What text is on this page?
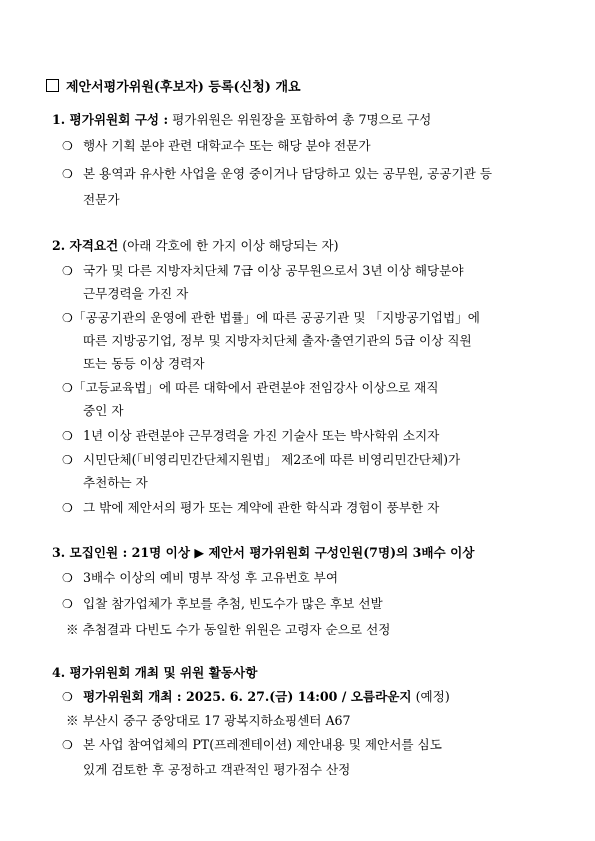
제안서평가위원(후보자) 등록(신청) 개요
1. 평가위원회 구성 : 평가위원은 위원장을 포함하여 총 7명으로 구성
❍ 행사 기획 분야 관련 대학교수 또는 해당 분야 전문가
❍ 본 용역과 유사한 사업을 운영 중이거나 담당하고 있는 공무원, 공공기관 등
전문가
2. 자격요건 (아래 각호에 한 가지 이상 해당되는 자)
❍ 국가 및 다른 지방자치단체 7급 이상 공무원으로서 3년 이상 해당분야
근무경력을 가진 자
❍ 「공공기관의 운영에 관한 법률」에 따른 공공기관 및 「지방공기업법」에
따른 지방공기업, 정부 및 지방자치단체 출자·출연기관의 5급 이상 직원
또는 동등 이상 경력자
❍ 「고등교육법」에 따른 대학에서 관련분야 전임강사 이상으로 재직
중인 자
❍ 1년 이상 관련분야 근무경력을 가진 기술사 또는 박사학위 소지자
❍ 시민단체(「비영리민간단체지원법」 제2조에 따른 비영리민간단체)가
추천하는 자
❍ 그 밖에 제안서의 평가 또는 계약에 관한 학식과 경험이 풍부한 자
3. 모집인원 : 21명 이상 ▶ 제안서 평가위원회 구성인원(7명)의 3배수 이상
❍ 3배수 이상의 예비 명부 작성 후 고유번호 부여
❍ 입찰 참가업체가 후보를 추첨, 빈도수가 많은 후보 선발
※ 추첨결과 다빈도 수가 동일한 위원은 고령자 순으로 선정
4. 평가위원회 개최 및 위원 활동사항
❍ 평가위원회 개최 : 2025. 6. 27.(금) 14:00 / 오름라운지 (예정)
※ 부산시 중구 중앙대로 17 광복지하쇼핑센터 A67
❍ 본 사업 참여업체의 PT(프레젠테이션) 제안내용 및 제안서를 심도
있게 검토한 후 공정하고 객관적인 평가점수 산정
